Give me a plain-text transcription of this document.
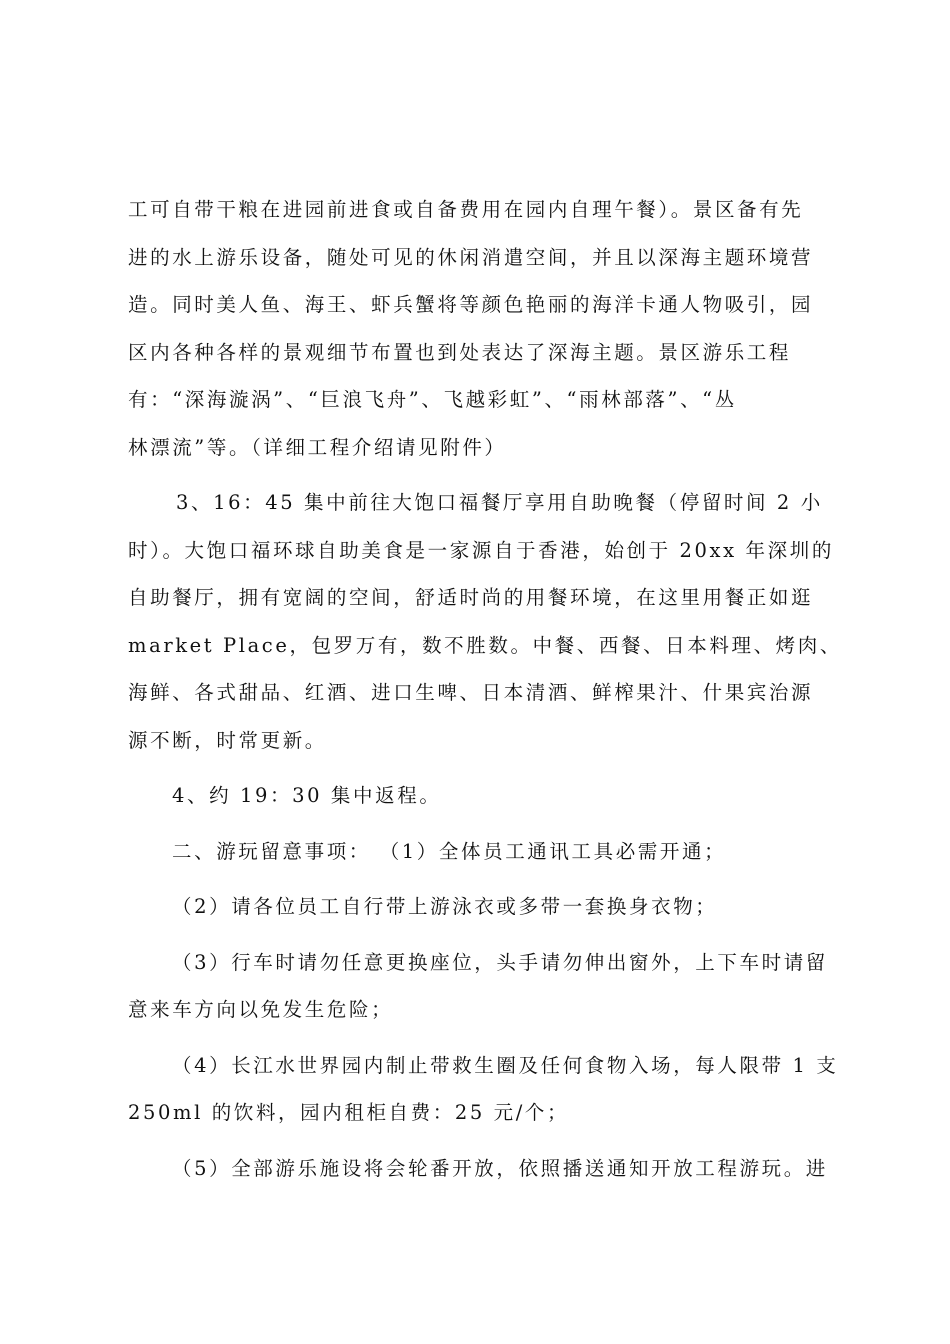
工可自带干粮在进园前进食或自备费用在园内自理午餐）。景区备有先
进的水上游乐设备，随处可见的休闲消遣空间，并且以深海主题环境营
造。同时美人鱼、海王、虾兵蟹将等颜色艳丽的海洋卡通人物吸引，园
区内各种各样的景观细节布置也到处表达了深海主题。景区游乐工程
有：“深海漩涡”、“巨浪飞舟”、飞越彩虹”、“雨林部落”、“丛
林漂流”等。（详细工程介绍请见附件）

3、16：45 集中前往大饱口福餐厅享用自助晚餐（停留时间 2 小
时）。大饱口福环球自助美食是一家源自于香港，始创于 20xx 年深圳的
自助餐厅，拥有宽阔的空间，舒适时尚的用餐环境，在这里用餐正如逛
market Place，包罗万有，数不胜数。中餐、西餐、日本料理、烤肉、
海鲜、各式甜品、红酒、进口生啤、日本清酒、鲜榨果汁、什果宾治源
源不断，时常更新。

4、约 19：30 集中返程。

二、游玩留意事项： （1）全体员工通讯工具必需开通；

（2）请各位员工自行带上游泳衣或多带一套换身衣物；

（3）行车时请勿任意更换座位，头手请勿伸出窗外，上下车时请留
意来车方向以免发生危险；

（4）长江水世界园内制止带救生圈及任何食物入场，每人限带 1 支
250ml 的饮料，园内租柜自费：25 元/个；

（5）全部游乐施设将会轮番开放，依照播送通知开放工程游玩。进
